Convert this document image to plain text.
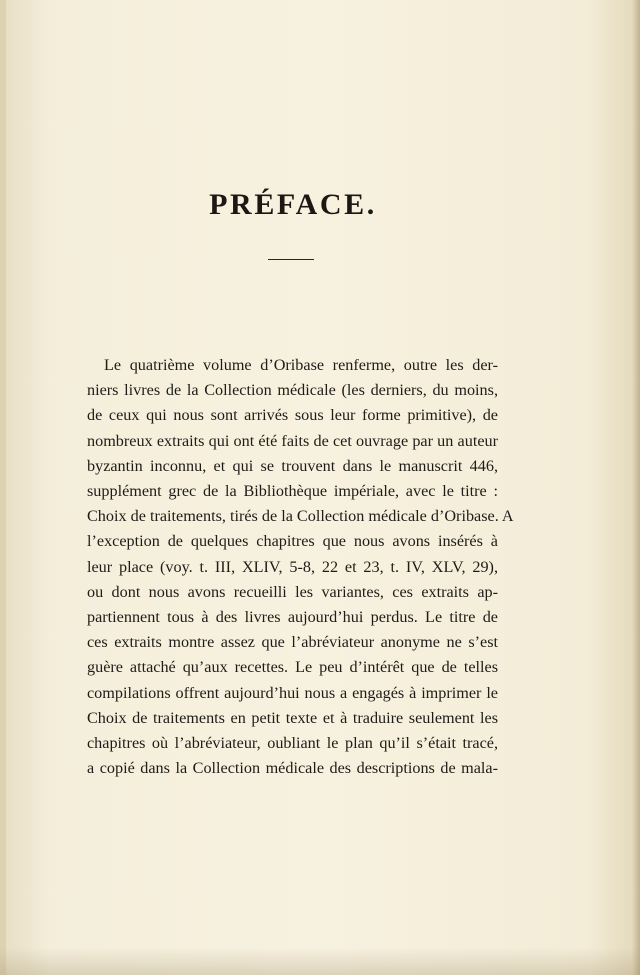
PRÉFACE.
Le quatrième volume d’Oribase renferme, outre les der-
niers livres de la Collection médicale (les derniers, du moins,
de ceux qui nous sont arrivés sous leur forme primitive), de
nombreux extraits qui ont été faits de cet ouvrage par un auteur
byzantin inconnu, et qui se trouvent dans le manuscrit 446,
supplément grec de la Bibliothèque impériale, avec le titre :
Choix de traitements, tirés de la Collection médicale d’Oribase. A
l’exception de quelques chapitres que nous avons insérés à
leur place (voy. t. III, XLIV, 5-8, 22 et 23, t. IV, XLV, 29),
ou dont nous avons recueilli les variantes, ces extraits ap-
partiennent tous à des livres aujourd’hui perdus. Le titre de
ces extraits montre assez que l’abréviateur anonyme ne s’est
guère attaché qu’aux recettes. Le peu d’intérêt que de telles
compilations offrent aujourd’hui nous a engagés à imprimer le
Choix de traitements en petit texte et à traduire seulement les
chapitres où l’abréviateur, oubliant le plan qu’il s’était tracé,
a copié dans la Collection médicale des descriptions de mala-
